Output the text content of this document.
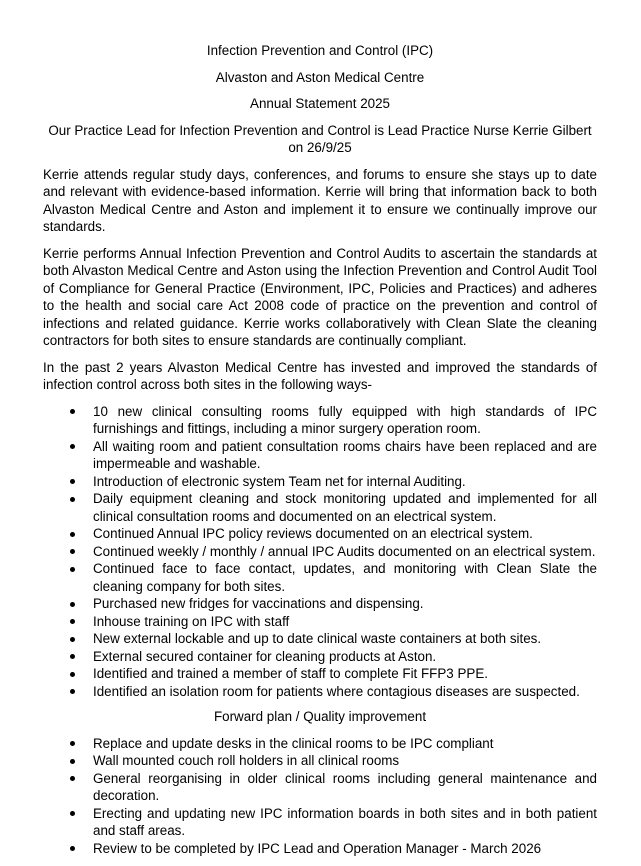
Infection Prevention and Control (IPC)

Alvaston and Aston Medical Centre

Annual Statement 2025

Our Practice Lead for Infection Prevention and Control is Lead Practice Nurse Kerrie Gilbert
on 26/9/25

Kerrie attends regular study days, conferences, and forums to ensure she stays up to date and relevant with evidence-based information. Kerrie will bring that information back to both Alvaston Medical Centre and Aston and implement it to ensure we continually improve our standards.

Kerrie performs Annual Infection Prevention and Control Audits to ascertain the standards at both Alvaston Medical Centre and Aston using the Infection Prevention and Control Audit Tool of Compliance for General Practice (Environment, IPC, Policies and Practices) and adheres to the health and social care Act 2008 code of practice on the prevention and control of infections and related guidance. Kerrie works collaboratively with Clean Slate the cleaning contractors for both sites to ensure standards are continually compliant.

In the past 2 years Alvaston Medical Centre has invested and improved the standards of infection control across both sites in the following ways-

10 new clinical consulting rooms fully equipped with high standards of IPC furnishings and fittings, including a minor surgery operation room.
All waiting room and patient consultation rooms chairs have been replaced and are impermeable and washable.
Introduction of electronic system Team net for internal Auditing.
Daily equipment cleaning and stock monitoring updated and implemented for all clinical consultation rooms and documented on an electrical system.
Continued Annual IPC policy reviews documented on an electrical system.
Continued weekly / monthly / annual IPC Audits documented on an electrical system.
Continued face to face contact, updates, and monitoring with Clean Slate the cleaning company for both sites.
Purchased new fridges for vaccinations and dispensing.
Inhouse training on IPC with staff
New external lockable and up to date clinical waste containers at both sites.
External secured container for cleaning products at Aston.
Identified and trained a member of staff to complete Fit FFP3 PPE.
Identified an isolation room for patients where contagious diseases are suspected.

Forward plan / Quality improvement

Replace and update desks in the clinical rooms to be IPC compliant
Wall mounted couch roll holders in all clinical rooms
General reorganising in older clinical rooms including general maintenance and decoration.
Erecting and updating new IPC information boards in both sites and in both patient and staff areas.
Review to be completed by IPC Lead and Operation Manager - March 2026
